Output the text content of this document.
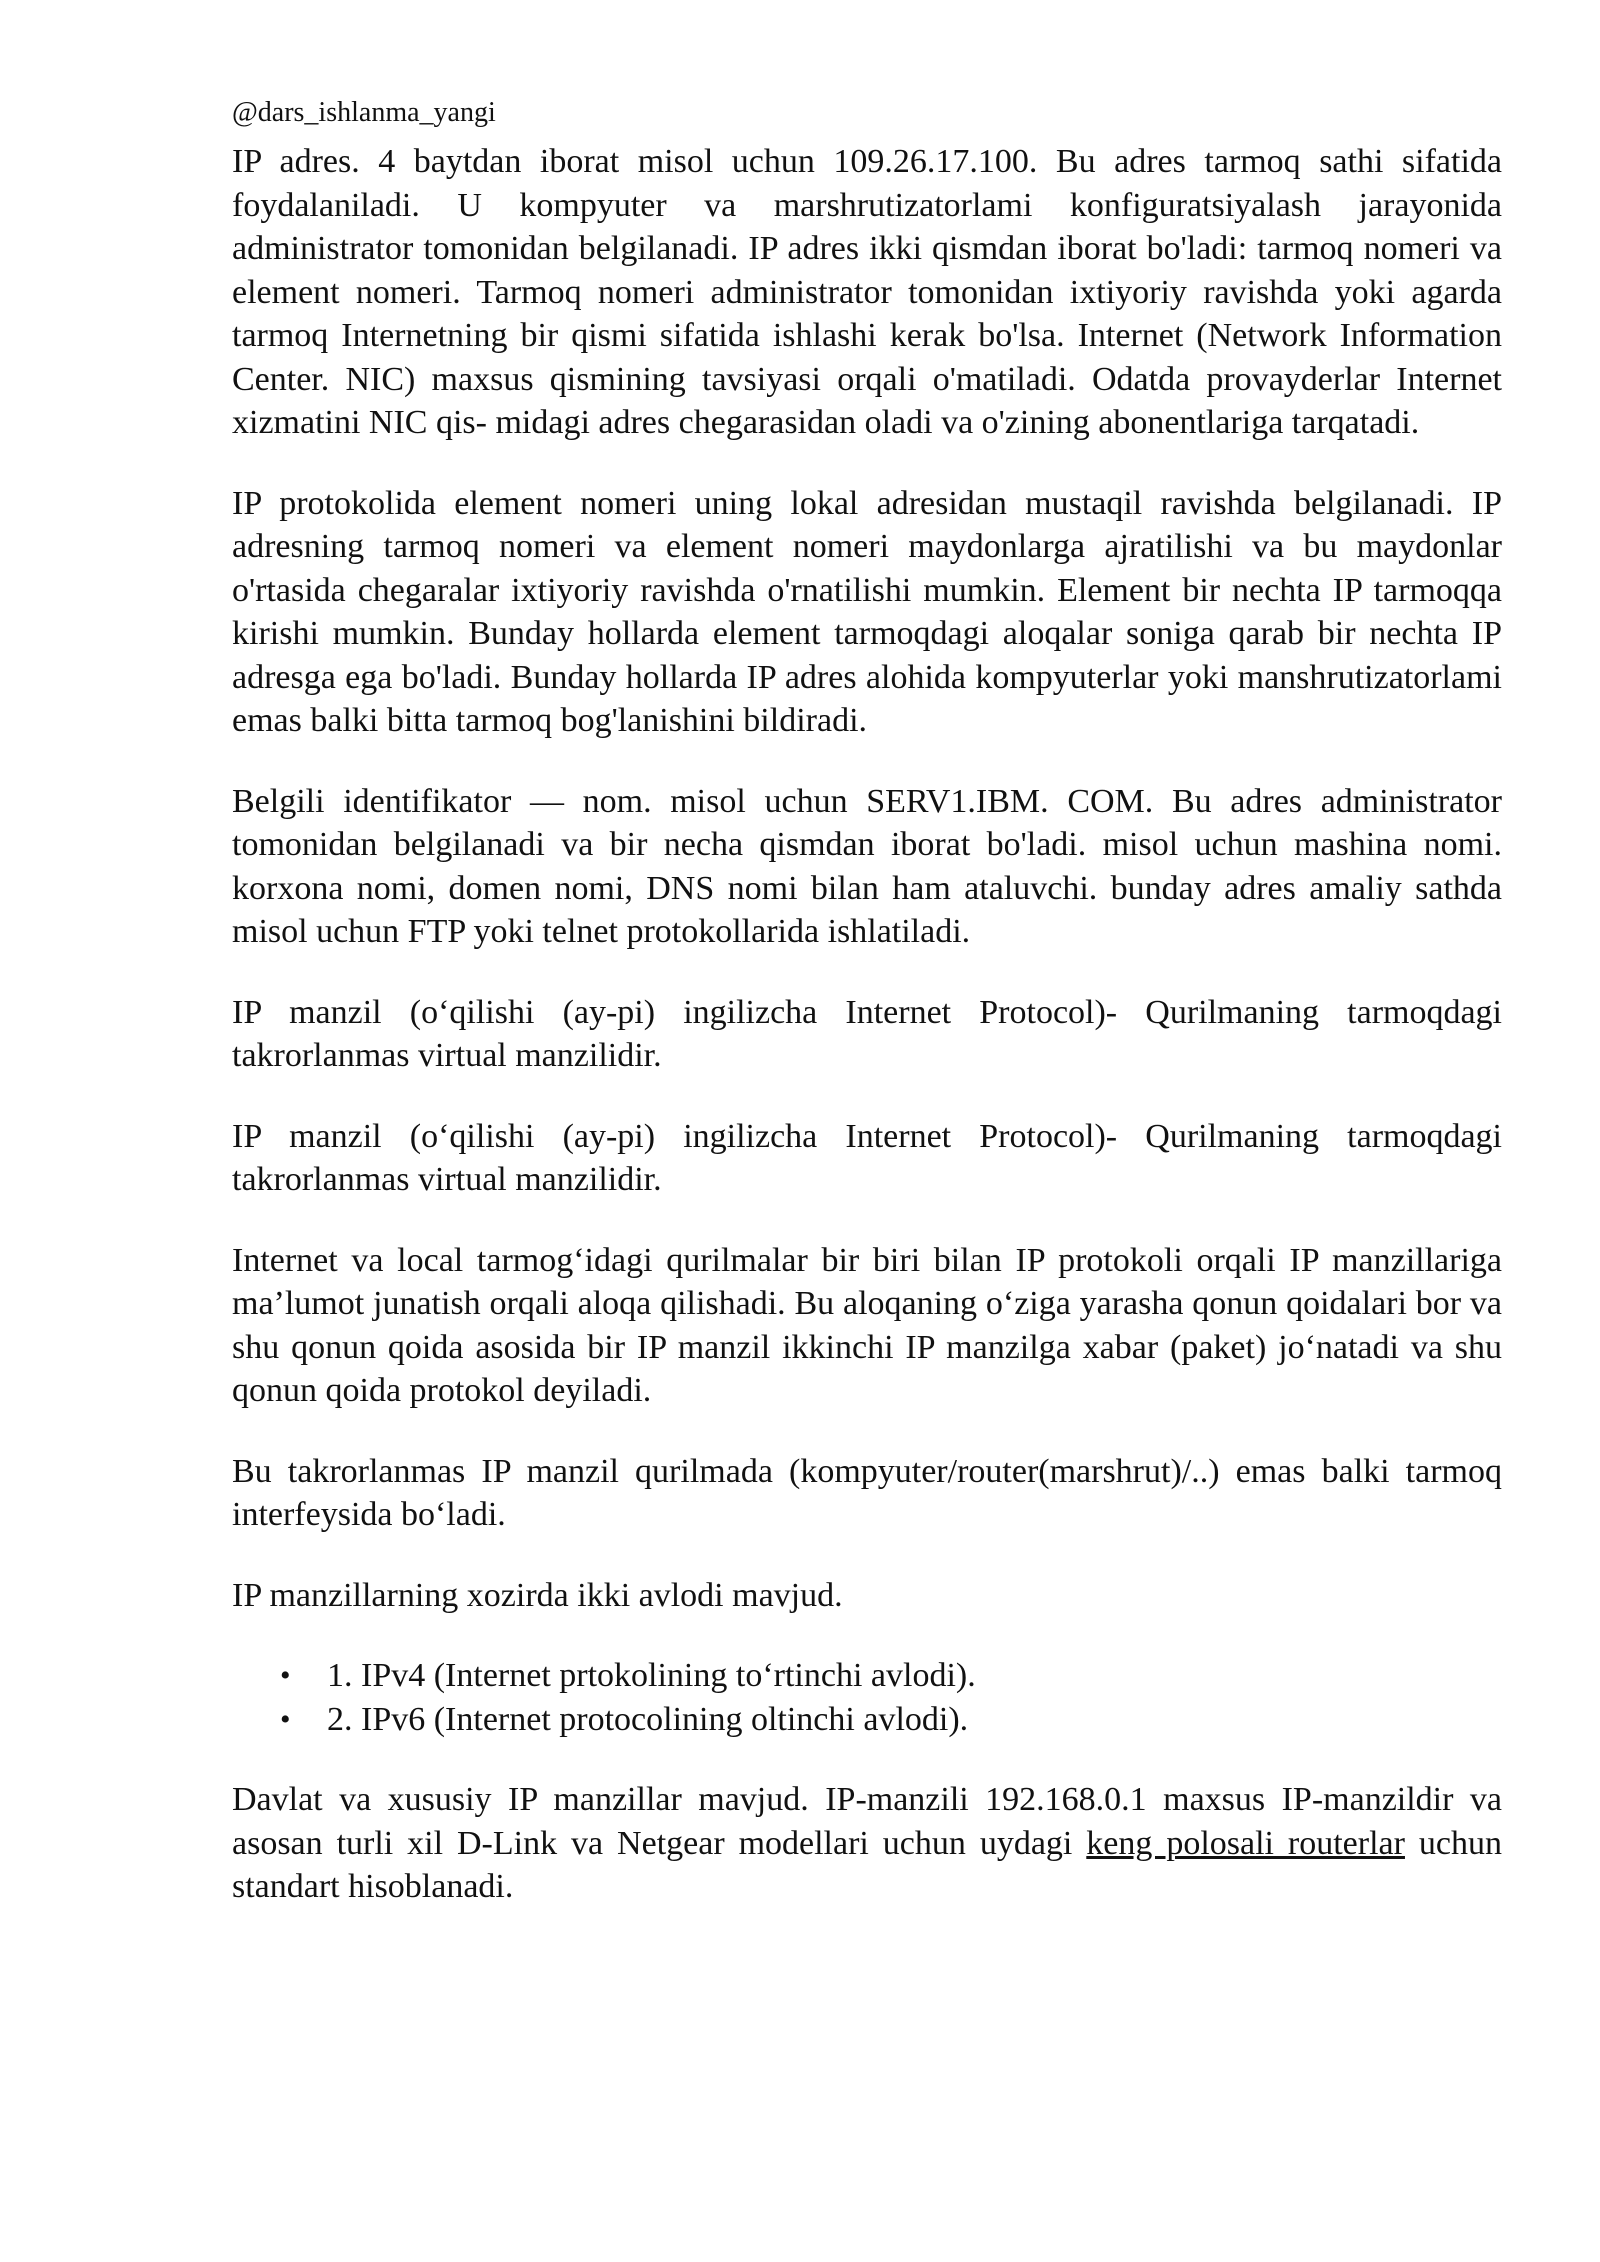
@dars_ishlanma_yangi

IP adres. 4 baytdan iborat misol uchun 109.26.17.100. Bu adres tarmoq sathi sifatida foydalaniladi. U kompyuter va marshrutizatorlami konfiguratsiyalash jarayonida administrator tomonidan belgilanadi. IP adres ikki qismdan iborat bo'ladi: tarmoq nomeri va element nomeri. Tarmoq nomeri administrator tomonidan ixtiyoriy ravishda yoki agarda tarmoq Internetning bir qismi sifatida ishlashi kerak bo'lsa. Internet (Network Information Center. NIC) maxsus qismining tavsiyasi orqali o'matiladi. Odatda provayderlar Internet xizmatini NIC qis- midagi adres chegarasidan oladi va o'zining abonentlariga tarqatadi.

IP protokolida element nomeri uning lokal adresidan mustaqil ravishda belgilanadi. IP adresning tarmoq nomeri va element nomeri maydonlarga ajratilishi va bu maydonlar o'rtasida chegaralar ixtiyoriy ravishda o'rnatilishi mumkin. Element bir nechta IP tarmoqqa kirishi mumkin. Bunday hollarda element tarmoqdagi aloqalar soniga qarab bir nechta IP adresga ega bo'ladi. Bunday hollarda IP adres alohida kompyuterlar yoki manshrutizatorlami emas balki bitta tarmoq bog'lanishini bildiradi.

Belgili identifikator — nom. misol uchun SERV1.IBM. COM. Bu adres administrator tomonidan belgilanadi va bir necha qismdan iborat bo'ladi. misol uchun mashina nomi. korxona nomi, domen nomi, DNS nomi bilan ham ataluvchi. bunday adres amaliy sathda misol uchun FTP yoki telnet protokollarida ishlatiladi.

IP manzil (o‘qilishi (ay-pi) ingilizcha Internet Protocol)- Qurilmaning tarmoqdagi takrorlanmas virtual manzilidir.

IP manzil (o‘qilishi (ay-pi) ingilizcha Internet Protocol)- Qurilmaning tarmoqdagi takrorlanmas virtual manzilidir.

Internet va local tarmog‘idagi qurilmalar bir biri bilan IP protokoli orqali IP manzillariga ma’lumot junatish orqali aloqa qilishadi. Bu aloqaning o‘ziga yarasha qonun qoidalari bor va shu qonun qoida asosida bir IP manzil ikkinchi IP manzilga xabar (paket) jo‘natadi va shu qonun qoida protokol deyiladi.

Bu takrorlanmas IP manzil qurilmada (kompyuter/router(marshrut)/..) emas balki tarmoq interfeysida bo‘ladi.

IP manzillarning xozirda ikki avlodi mavjud.

• 1. IPv4 (Internet prtokolining to‘rtinchi avlodi).
• 2. IPv6 (Internet protocolining oltinchi avlodi).

Davlat va xususiy IP manzillar mavjud. IP-manzili 192.168.0.1 maxsus IP-manzildir va asosan turli xil D-Link va Netgear modellari uchun uydagi keng polosali routerlar uchun standart hisoblanadi.
